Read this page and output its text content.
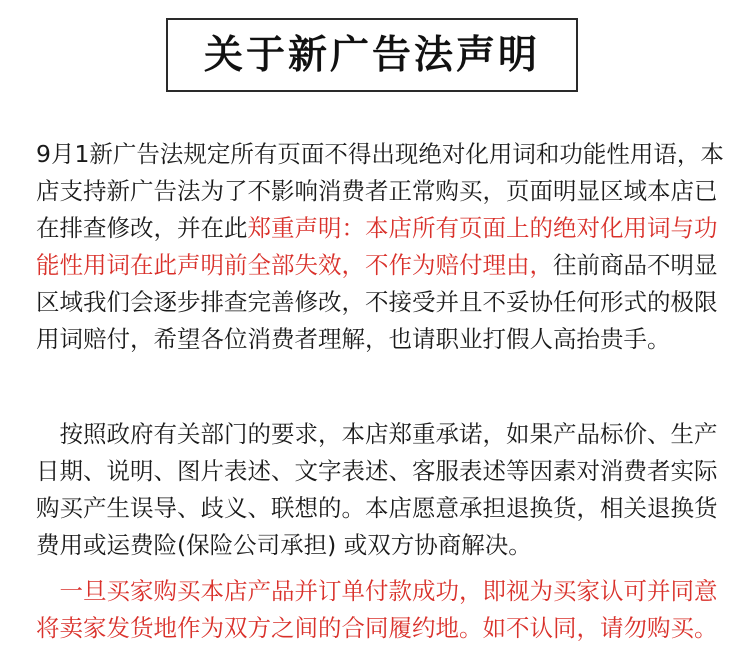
关于新广告法声明

9月1新广告法规定所有页面不得出现绝对化用词和功能性用语，本店支持新广告法为了不影响消费者正常购买，页面明显区域本店已在排查修改，并在此郑重声明：本店所有页面上的绝对化用词与功能性用词在此声明前全部失效，不作为赔付理由，往前商品不明显区域我们会逐步排查完善修改，不接受并且不妥协任何形式的极限用词赔付，希望各位消费者理解，也请职业打假人高抬贵手。

　按照政府有关部门的要求，本店郑重承诺，如果产品标价、生产日期、说明、图片表述、文字表述、客服表述等因素对消费者实际购买产生误导、歧义、联想的。本店愿意承担退换货，相关退换货费用或运费险(保险公司承担) 或双方协商解决。

　一旦买家购买本店产品并订单付款成功，即视为买家认可并同意将卖家发货地作为双方之间的合同履约地。如不认同，请勿购买。
